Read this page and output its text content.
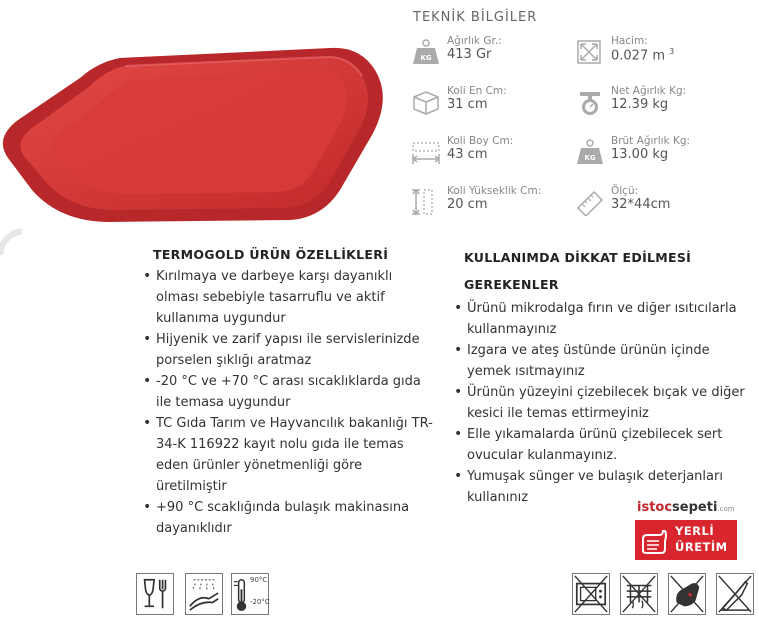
TEKNİK BİLGİLER
KG
Ağırlık Gr.:
413 Gr
Hacim:
0.027 m $^3$
Koli En Cm:
31 cm
Net Ağırlık Kg:
12.39 kg
Koli Boy Cm:
43 cm	KG
Brüt Ağırlık Kg:
13.00 kg
Koli Yükseklik Cm:
20 cm
Ölçü:
32*44cm
TERMOGOLD ÜRÜN ÖZELLİKLERİ
• Kırılmaya ve darbeye karşı dayanıklı olması sebebiyle tasarruflu ve aktif kullanıma uygundur
• Hijyenik ve zarif yapısı ile servislerinizde porselen şıklığı aratmaz
• -20 °C ve +70 °C arası sıcaklıklarda gıda ile temasa uygundur
• TC Gıda Tarım ve Hayvancılık bakanlığı TR-34-K 116922 kayıt nolu gıda ile temas eden ürünler yönetmenliği göre üretilmiştir
• +90 °C scaklığında bulaşık makinasına dayanıklıdır
KULLANIMDA DİKKAT EDİLMESİ
GEREKENLER
• Ürünü mikrodalga fırın ve diğer ısıtıcılarla kullanmayınız
• Izgara ve ateş üstünde ürünün içinde yemek ısıtmayınız
• Ürünün yüzeyini çizebilecek bıçak ve diğer kesici ile temas ettirmeyiniz
• Elle yıkamalarda ürünü çizebilecek sert ovucular kulanmayınız.
• Yumuşak sünger ve bulaşık deterjanları kullanınız
istocsepeti.com
YERLİ
ÜRETİM
90°C
-20°C
